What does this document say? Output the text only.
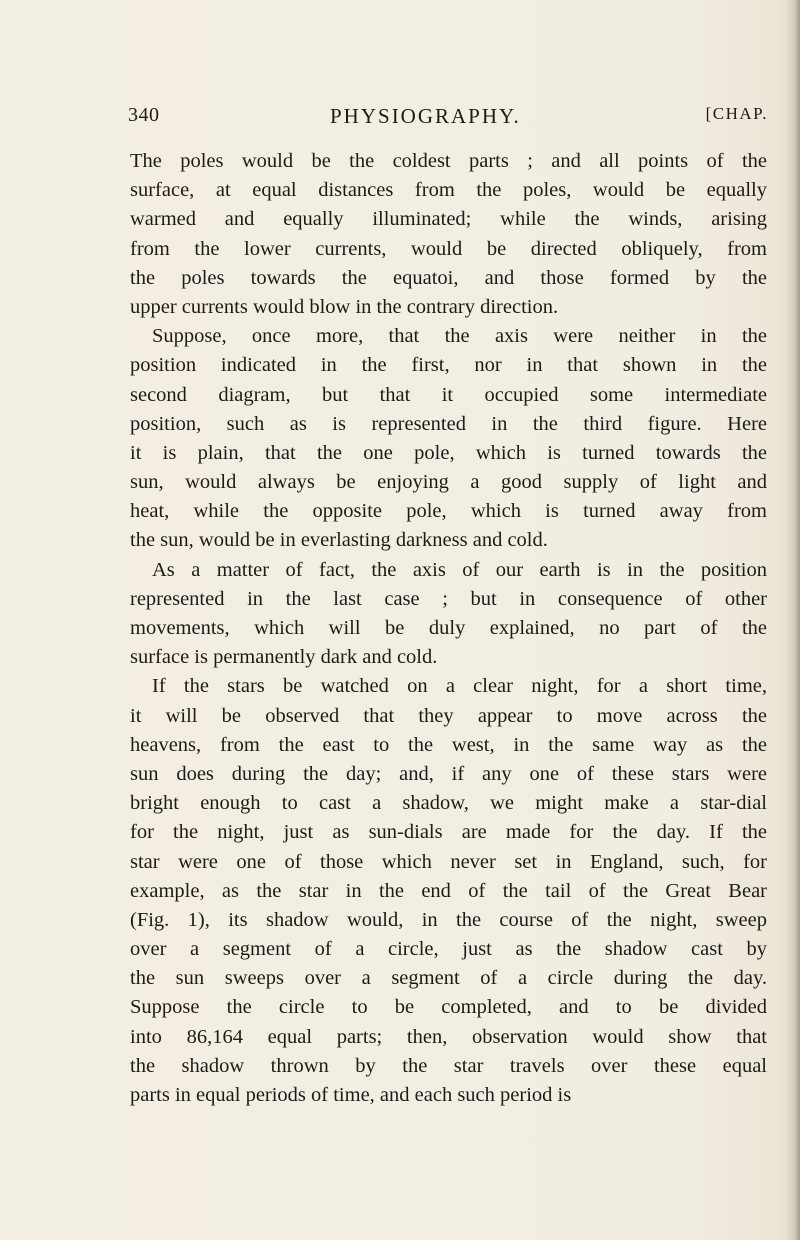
340	PHYSIOGRAPHY.	[CHAP.
The poles would be the coldest parts ; and all points of the
surface, at equal distances from the poles, would be equally
warmed and equally illuminated; while the winds, arising
from the lower currents, would be directed obliquely, from
the poles towards the equatoi, and those formed by the
upper currents would blow in the contrary direction.
Suppose, once more, that the axis were neither in the
position indicated in the first, nor in that shown in the
second diagram, but that it occupied some intermediate
position, such as is represented in the third figure. Here
it is plain, that the one pole, which is turned towards the
sun, would always be enjoying a good supply of light and
heat, while the opposite pole, which is turned away from
the sun, would be in everlasting darkness and cold.
As a matter of fact, the axis of our earth is in the position
represented in the last case ; but in consequence of other
movements, which will be duly explained, no part of the
surface is permanently dark and cold.
If the stars be watched on a clear night, for a short time,
it will be observed that they appear to move across the
heavens, from the east to the west, in the same way as the
sun does during the day; and, if any one of these stars were
bright enough to cast a shadow, we might make a star-dial
for the night, just as sun-dials are made for the day. If the
star were one of those which never set in England, such, for
example, as the star in the end of the tail of the Great Bear
(Fig. 1), its shadow would, in the course of the night, sweep
over a segment of a circle, just as the shadow cast by
the sun sweeps over a segment of a circle during the day.
Suppose the circle to be completed, and to be divided
into 86,164 equal parts; then, observation would show that
the shadow thrown by the star travels over these equal
parts in equal periods of time, and each such period is
